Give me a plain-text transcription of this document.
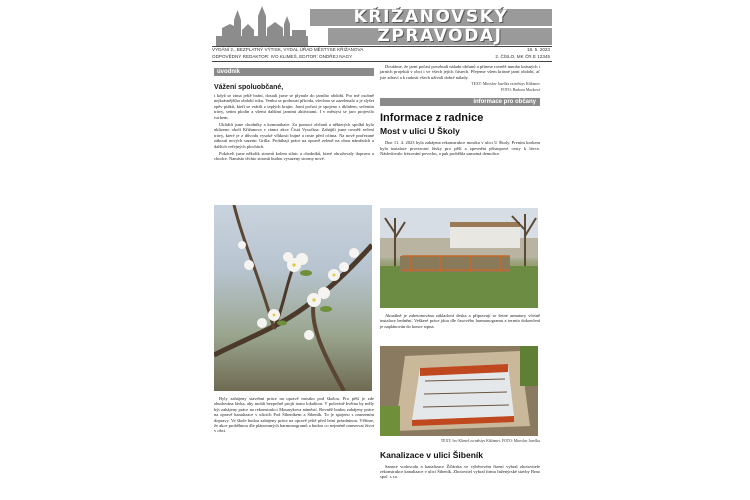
KŘIŽANOVSKÝ
ZPRAVODAJ
VYDÁNÍ 2., BEZPLATNÝ VÝTISK, VYDAL ÚŘAD MĚSTYSE KŘIŽANOVA	18. 5. 2023
ODPOVĚDNÝ REDAKTOR: IVO KLIMEŠ, EDITOR: ONDŘEJ NAGY	2. ČÍSLO, MK ČR E 12345
úvodník
Vážení spoluobčané,

i když se zima ještě brání, dostali jsme se plynule do jarního období. Pro mě osobně nejkrásnějšího období roku. Venku se probouzí příroda, všechno se zazelenalo a je slyšet zpěv ptáků, kteří se vrátili z teplých krajin. Jarní počasí je spojeno s úklidem, sečením trávy, setím plodin a všemi dalšími jarními aktivitami. I v městysi se jaro projevilo ruchem.

Uklidili jsme chodníky a komunikace. Za pomoci občanů a některých spolků bylo uklizeno okolí Křižanova v rámci akce Čistá Vysočina. Zahájili jsme rovněž sečení trávy, které je z důvodu vysoké vlhkosti bujné a roste před očima. Na nově prořezané zákoutí nových sazenic Grilla. Probíhají práce na opravě zeleně na obou náměstích a dalších veřejných plochách.

Pokáceli jsme několik stromů kolem silnic a chodníků, které ohrožovaly dopravu a chodce. Namísto těchto stromů budou vysazeny stromy nové.

Byly zahájeny stavební práce na opravě mostku pod školou. Pro pěší je zde zbudována lávka, aby mohli bezpečně projít touto lokalitou. V polovině května by měly být zahájeny práce na rekonstrukci Masarykova náměstí. Rovněž budou zahájeny práce na opravě kanalizace v ulicích Pod Šibeníkem a Šibeník. To je spojeno s omezením dopravy. Ve škole budou zahájeny práce na opravě ještě před letní prázdninou. Věříme, že akce proběhnou dle plánovaných harmonogramů a budou co nejméně omezovat život v obci.

Doufáme, že jarní počasí povzbudí náladu občanů a přinese rovněž mnoho krásných i jarních projektů v obci i ve všech jejích částech. Přejeme všem krásné jarní období, ať jste zdraví a k radosti všech užívali dobré nálady.

TEXT: Miroslav Jurečka za městys Křižanov

FOTO: Barbora Macková

informace pro občany
Informace z radnice
Most v ulici U Školy

Dne 11. 4. 2023 byla zahájena rekonstrukce mostku v ulici U Školy. Prvním krokem byla instalace provizorní lávky pro pěší a zpevnění přístupové cesty k lávce. Následovalo frézování povrchu, a pak proběhla samotná demolice.

Aktuálně je zabetonována základová deska a připravují se šetné armatury včetně instalace bednění. Veškeré práce jdou dle časového harmonogramu a termín dokončení je naplánován do konce srpna.

TEXT: Ivo Klimeš za městys Křižanov, FOTO: Miroslav Jurečka

Kanalizace v ulici Šibeník

Sanace vodovodu a kanalizace Žďárska ve výběrovém řízení vybral zhotovitele rekonstrukce kanalizace v ulici Šibeník. Zhotovitel vybral firmu Inženýrské stavby Brno spol. s r.o.
